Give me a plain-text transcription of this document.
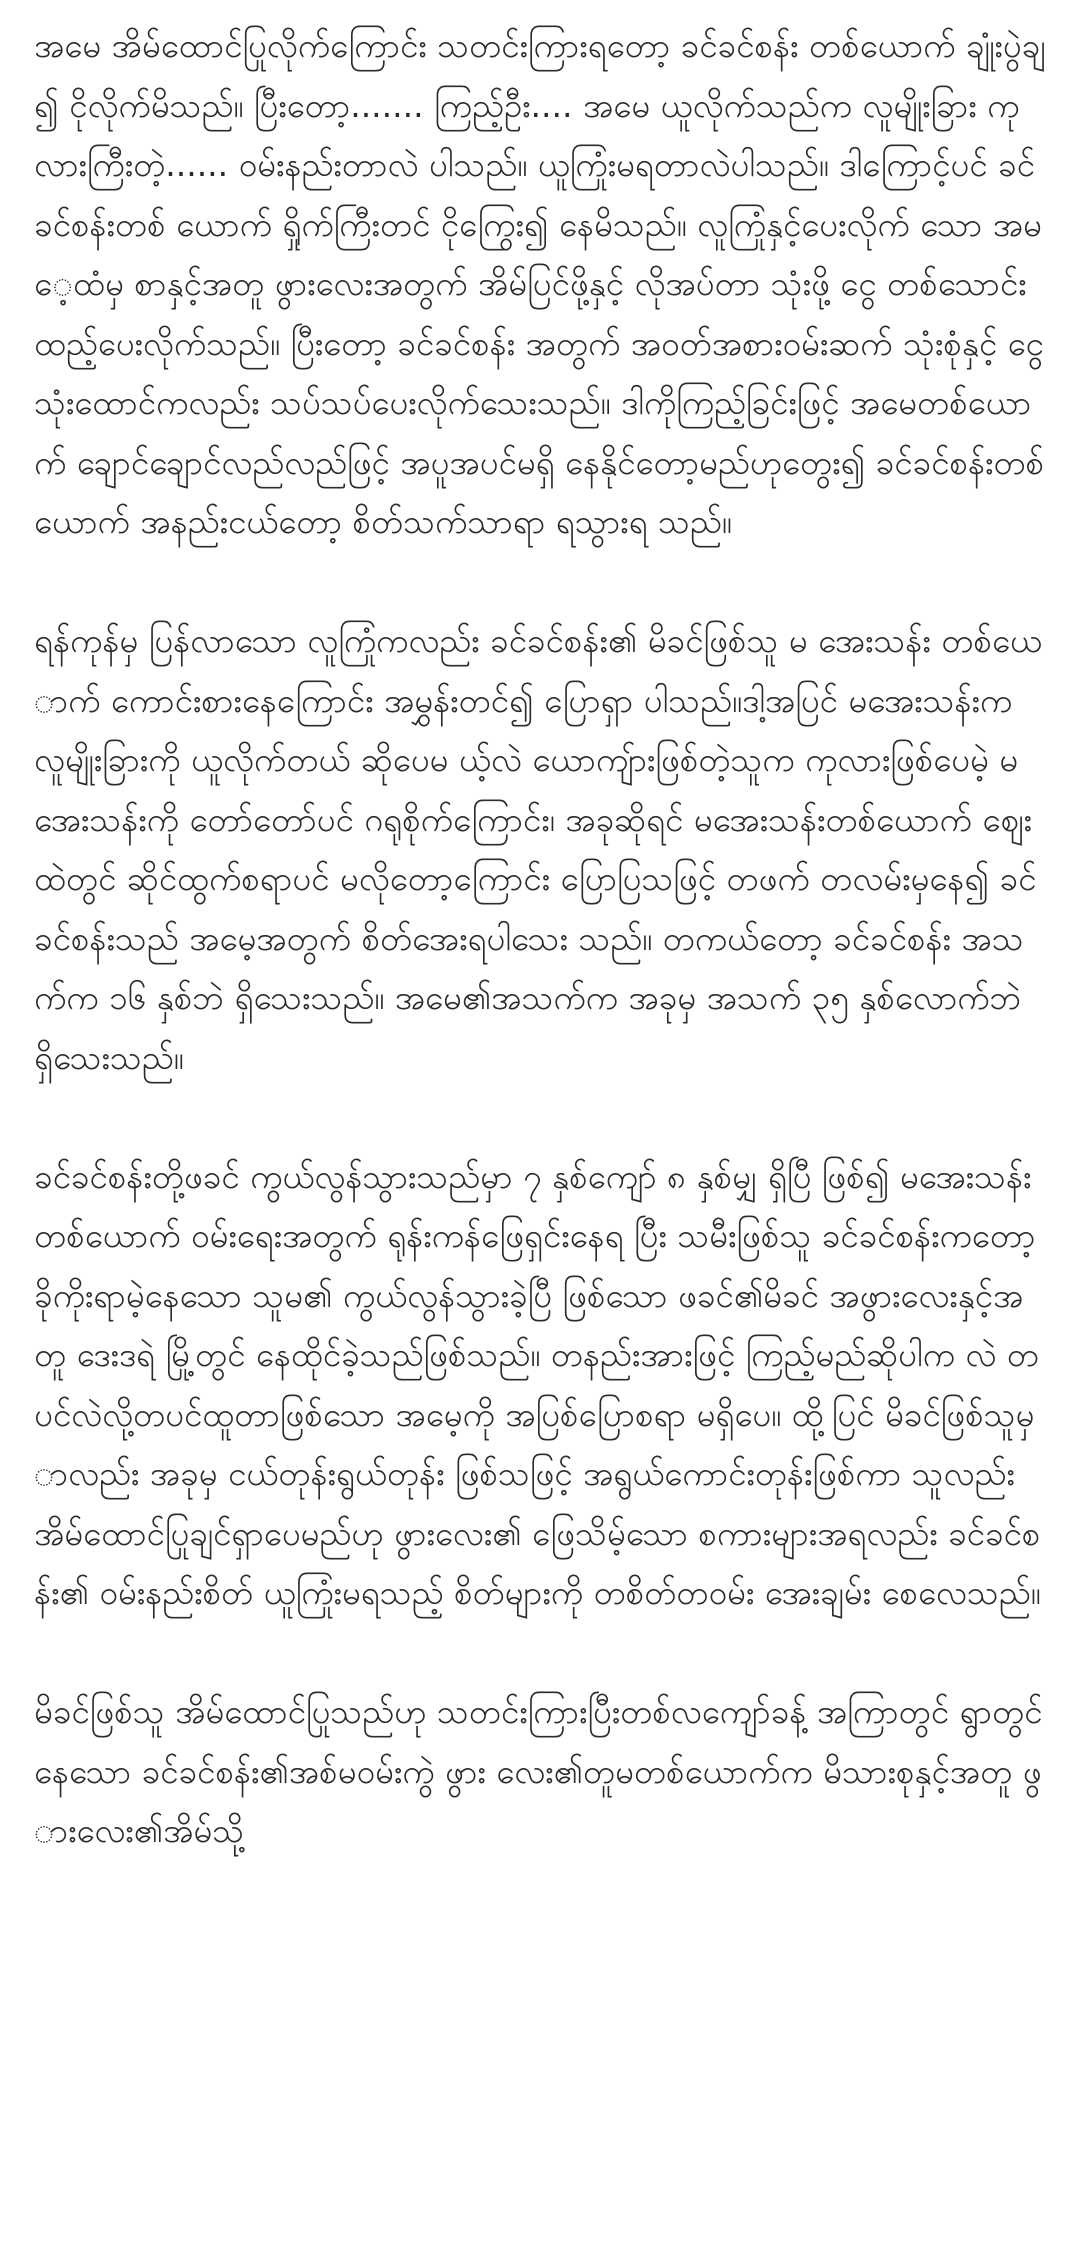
အမေ အိမ်ထောင်ပြုလိုက်ကြောင်း သတင်းကြားရတော့ ခင်ခင်စန်း တစ်ယောက် ချုံးပွဲချ၍ ငိုလိုက်မိသည်။ ပြီးတော့....... ကြည့်ဦး.... အမေ ယူလိုက်သည်က လူမျိုးခြား ကုလားကြီးတဲ့...... ဝမ်းနည်းတာလဲ ပါသည်။ ယူကြုံးမရတာလဲပါသည်။ ဒါကြောင့်ပင် ခင်ခင်စန်းတစ် ယောက် ရှိုက်ကြီးတင် ငိုကြွေး၍ နေမိသည်။ လူကြုံနှင့်ပေးလိုက် သော အမေ့ထံမှ စာနှင့်အတူ ဖွားလေးအတွက် အိမ်ပြင်ဖို့နှင့် လိုအပ်တာ သုံးဖို့ ငွေ တစ်သောင်း ထည့်ပေးလိုက်သည်။ ပြီးတော့ ခင်ခင်စန်း အတွက် အဝတ်အစားဝမ်းဆက် သုံးစုံနှင့် ငွေသုံးထောင်ကလည်း သပ်သပ်ပေးလိုက်သေးသည်။ ဒါကိုကြည့်ခြင်းဖြင့် အမေတစ်ယောက် ချောင်ချောင်လည်လည်ဖြင့် အပူအပင်မရှိ နေနိုင်တော့မည်ဟုတွေး၍ ခင်ခင်စန်းတစ်ယောက် အနည်းငယ်တော့ စိတ်သက်သာရာ ရသွားရ သည်။

ရန်ကုန်မှ ပြန်လာသော လူကြုံကလည်း ခင်ခင်စန်း၏ မိခင်ဖြစ်သူ မ အေးသန်း တစ်ယောက် ကောင်းစားနေကြောင်း အမွှန်းတင်၍ ပြောရှာ ပါသည်။ဒါ့အပြင် မအေးသန်းက လူမျိုးခြားကို ယူလိုက်တယ် ဆိုပေမ ယ့်လဲ ယောကျ်ားဖြစ်တဲ့သူက ကုလားဖြစ်ပေမဲ့ မအေးသန်းကို တော်တော်ပင် ဂရုစိုက်ကြောင်း၊ အခုဆိုရင် မအေးသန်းတစ်ယောက် ဈေးထဲတွင် ဆိုင်ထွက်စရာပင် မလိုတော့ကြောင်း ပြောပြသဖြင့် တဖက် တလမ်းမှနေ၍ ခင်ခင်စန်းသည် အမေ့အတွက် စိတ်အေးရပါသေး သည်။ တကယ်တော့ ခင်ခင်စန်း အသက်က ၁၆ နှစ်ဘဲ ရှိသေးသည်။ အမေ၏အသက်က အခုမှ အသက် ၃၅ နှစ်လောက်ဘဲ ရှိသေးသည်။

ခင်ခင်စန်းတို့ဖခင် ကွယ်လွန်သွားသည်မှာ ၇ နှစ်ကျော် ၈ နှစ်မျှ ရှိပြီ ဖြစ်၍ မအေးသန်းတစ်ယောက် ဝမ်းရေးအတွက် ရုန်းကန်ဖြေရှင်းနေရ ပြီး သမီးဖြစ်သူ ခင်ခင်စန်းကတော့ ခိုကိုးရာမဲ့နေသော သူမ၏ ကွယ်လွန်သွားခဲ့ပြီ ဖြစ်သော ဖခင်၏မိခင် အဖွားလေးနှင့်အတူ ဒေးဒရဲ မြို့တွင် နေထိုင်ခဲ့သည်ဖြစ်သည်။ တနည်းအားဖြင့် ကြည့်မည်ဆိုပါက လဲ တပင်လဲလို့တပင်ထူတာဖြစ်သော အမေ့ကို အပြစ်ပြောစရာ မရှိပေ။ ထို့ပြင် မိခင်ဖြစ်သူမှာလည်း အခုမှ ငယ်တုန်းရွယ်တုန်း ဖြစ်သဖြင့် အရွယ်ကောင်းတုန်းဖြစ်ကာ သူလည်း အိမ်ထောင်ပြုချင်ရှာပေမည်ဟု ဖွားလေး၏ ဖြေသိမ့်သော စကားများအရလည်း ခင်ခင်စန်း၏ ဝမ်းနည်းစိတ် ယူကြုံးမရသည့် စိတ်များကို တစိတ်တဝမ်း အေးချမ်း စေလေသည်။

မိခင်ဖြစ်သူ အိမ်ထောင်ပြုသည်ဟု သတင်းကြားပြီးတစ်လကျော်ခန့် အကြာတွင် ရွာတွင်နေသော ခင်ခင်စန်း၏အစ်မဝမ်းကွဲ ဖွား လေး၏တူမတစ်ယောက်က မိသားစုနှင့်အတူ ဖွားလေး၏အိမ်သို့
